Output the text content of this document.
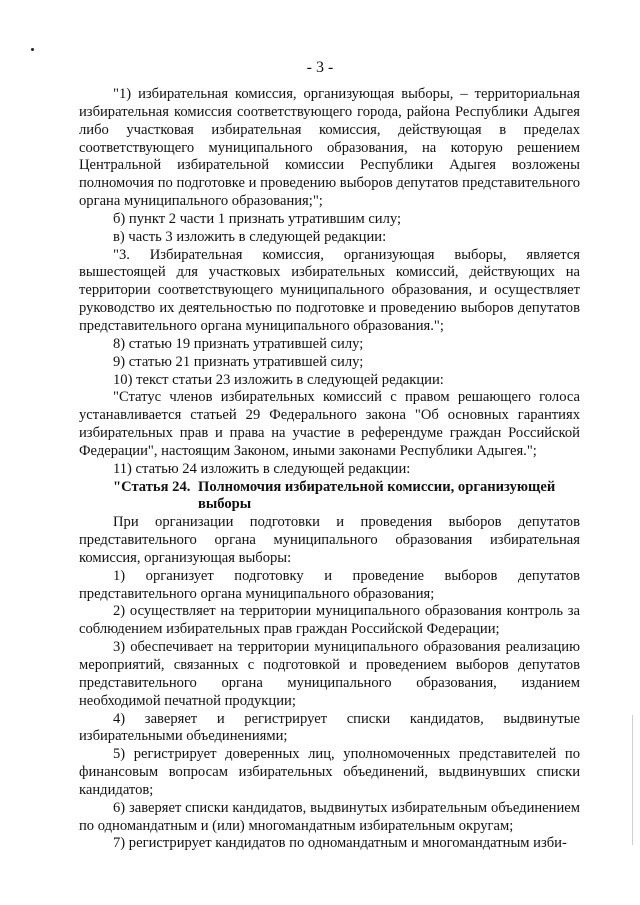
- 3 -

"1) избирательная комиссия, организующая выборы, – территориальная избирательная комиссия соответствующего города, района Республики Адыгея либо участковая избирательная комиссия, действующая в пределах соответствующего муниципального образования, на которую решением Центральной избирательной комиссии Республики Адыгея возложены полномочия по подготовке и проведению выборов депутатов представительного органа муниципального образования;";

б) пункт 2 части 1 признать утратившим силу;

в) часть 3 изложить в следующей редакции:

"3. Избирательная комиссия, организующая выборы, является вышестоящей для участковых избирательных комиссий, действующих на территории соответствующего муниципального образования, и осуществляет руководство их деятельностью по подготовке и проведению выборов депутатов представительного органа муниципального образования.";

8) статью 19 признать утратившей силу;

9) статью 21 признать утратившей силу;

10) текст статьи 23 изложить в следующей редакции:

"Статус членов избирательных комиссий с правом решающего голоса устанавливается статьей 29 Федерального закона "Об основных гарантиях избирательных прав и права на участие в референдуме граждан Российской Федерации", настоящим Законом, иными законами Республики Адыгея.";

11) статью 24 изложить в следующей редакции:

"Статья 24. Полномочия избирательной комиссии, организующей
выборы

При организации подготовки и проведения выборов депутатов представительного органа муниципального образования избирательная комиссия, организующая выборы:

1) организует подготовку и проведение выборов депутатов представительного органа муниципального образования;

2) осуществляет на территории муниципального образования контроль за соблюдением избирательных прав граждан Российской Федерации;

3) обеспечивает на территории муниципального образования реализацию мероприятий, связанных с подготовкой и проведением выборов депутатов представительного органа муниципального образования, изданием необходимой печатной продукции;

4) заверяет и регистрирует списки кандидатов, выдвинутые избирательными объединениями;

5) регистрирует доверенных лиц, уполномоченных представителей по финансовым вопросам избирательных объединений, выдвинувших списки кандидатов;

6) заверяет списки кандидатов, выдвинутых избирательным объединением по одномандатным и (или) многомандатным избирательным округам;

7) регистрирует кандидатов по одномандатным и многомандатным изби-
